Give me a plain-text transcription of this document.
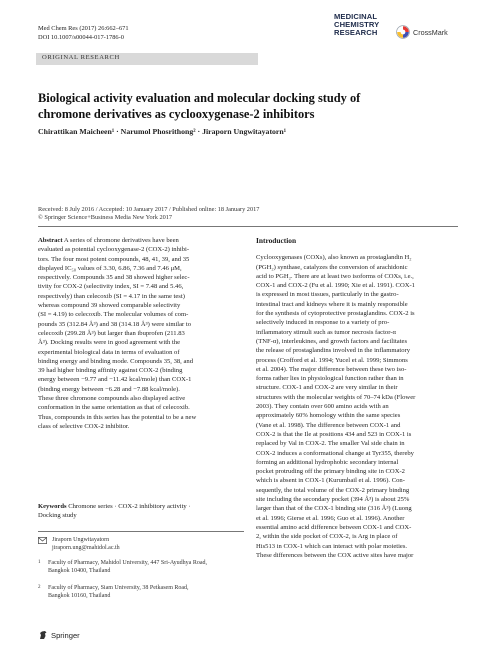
Med Chem Res (2017) 26:662–671
DOI 10.1007/s00044-017-1786-0
MEDICINAL
CHEMISTRY
RESEARCH	CrossMark
ORIGINAL RESEARCH
Biological activity evaluation and molecular docking study of
chromone derivatives as cyclooxygenase-2 inhibitors
Chirattikan Maicheen¹ · Narumol Phosrithong² · Jiraporn Ungwitayatorn¹
Received: 8 July 2016 / Accepted: 10 January 2017 / Published online: 18 January 2017
© Springer Science+Business Media New York 2017
Abstract A series of chromone derivatives have been
evaluated as potential cyclooxygenase-2 (COX-2) inhibi-
tors. The four most potent compounds, 48, 41, 39, and 35
displayed IC₅₀ values of 3.30, 6.86, 7.36 and 7.46 μM,
respectively. Compounds 35 and 38 showed higher selec-
tivity for COX-2 (selectivity index, SI = 7.48 and 5.46,
respectively) than celecoxib (SI = 4.17 in the same test)
whereas compound 39 showed comparable selectivity
(SI = 4.19) to celecoxib. The molecular volumes of com-
pounds 35 (312.84 Å³) and 38 (314.18 Å³) were similar to
celecoxib (299.28 Å³) but larger than ibuprofen (211.83
Å³). Docking results were in good agreement with the
experimental biological data in terms of evaluation of
binding energy and binding mode. Compounds 35, 38, and
39 had higher binding affinity against COX-2 (binding
energy between −9.77 and −11.42 kcal/mole) than COX-1
(binding energy between −6.28 and −7.88 kcal/mole).
These three chromone compounds also displayed active
conformation in the same orientation as that of celecoxib.
Thus, compounds in this series has the potential to be a new
class of selective COX-2 inhibitor.
Keywords Chromone series · COX-2 inhibitory activity ·
Docking study
Jiraporn Ungwitayatorn
jiraporn.ung@mahidol.ac.th
1	Faculty of Pharmacy, Mahidol University, 447 Sri-Ayudhya Road,
Bangkok 10400, Thailand
2	Faculty of Pharmacy, Siam University, 38 Petkasem Road,
Bangkok 10160, Thailand
Introduction
Cyclooxygenases (COXs), also known as prostaglandin H₂
(PGH₂) synthase, catalyzes the conversion of arachidonic
acid to PGH₂. There are at least two isoforms of COXs, i.e.,
COX-1 and COX-2 (Fu et al. 1990; Xie et al. 1991). COX-1
is expressed in most tissues, particularly in the gastro-
intestinal tract and kidneys where it is mainly responsible
for the synthesis of cytoprotective prostaglandins. COX-2 is
selectively induced in response to a variety of pro-
inflammatory stimuli such as tumor necrosis factor-α
(TNF-α), interleukines, and growth factors and facilitates
the release of prostaglandins involved in the inflammatory
process (Crofford et al. 1994; Yucel et al. 1999; Simmons
et al. 2004). The major difference between these two iso-
forms rather lies in physiological function rather than in
structure. COX-1 and COX-2 are very similar in their
structures with the molecular weights of 70–74 kDa (Flower
2003). They contain over 600 amino acids with an
approximately 60% homology within the same species
(Vane et al. 1998). The difference between COX-1 and
COX-2 is that the Ile at positions 434 and 523 in COX-1 is
replaced by Val in COX-2. The smaller Val side chain in
COX-2 induces a conformational change at Tyr355, thereby
forming an additional hydrophobic secondary internal
pocket protruding off the primary binding site in COX-2
which is absent in COX-1 (Kurumbail et al. 1996). Con-
sequently, the total volume of the COX-2 primary binding
site including the secondary pocket (394 Å³) is about 25%
larger than that of the COX-1 binding site (316 Å³) (Luong
et al. 1996; Gierse et al. 1996; Guo et al. 1996). Another
essential amino acid difference between COX-1 and COX-
2, within the side pocket of COX-2, is Arg in place of
His513 in COX-1 which can interact with polar moieties.
These differences between the COX active sites have major
Springer
